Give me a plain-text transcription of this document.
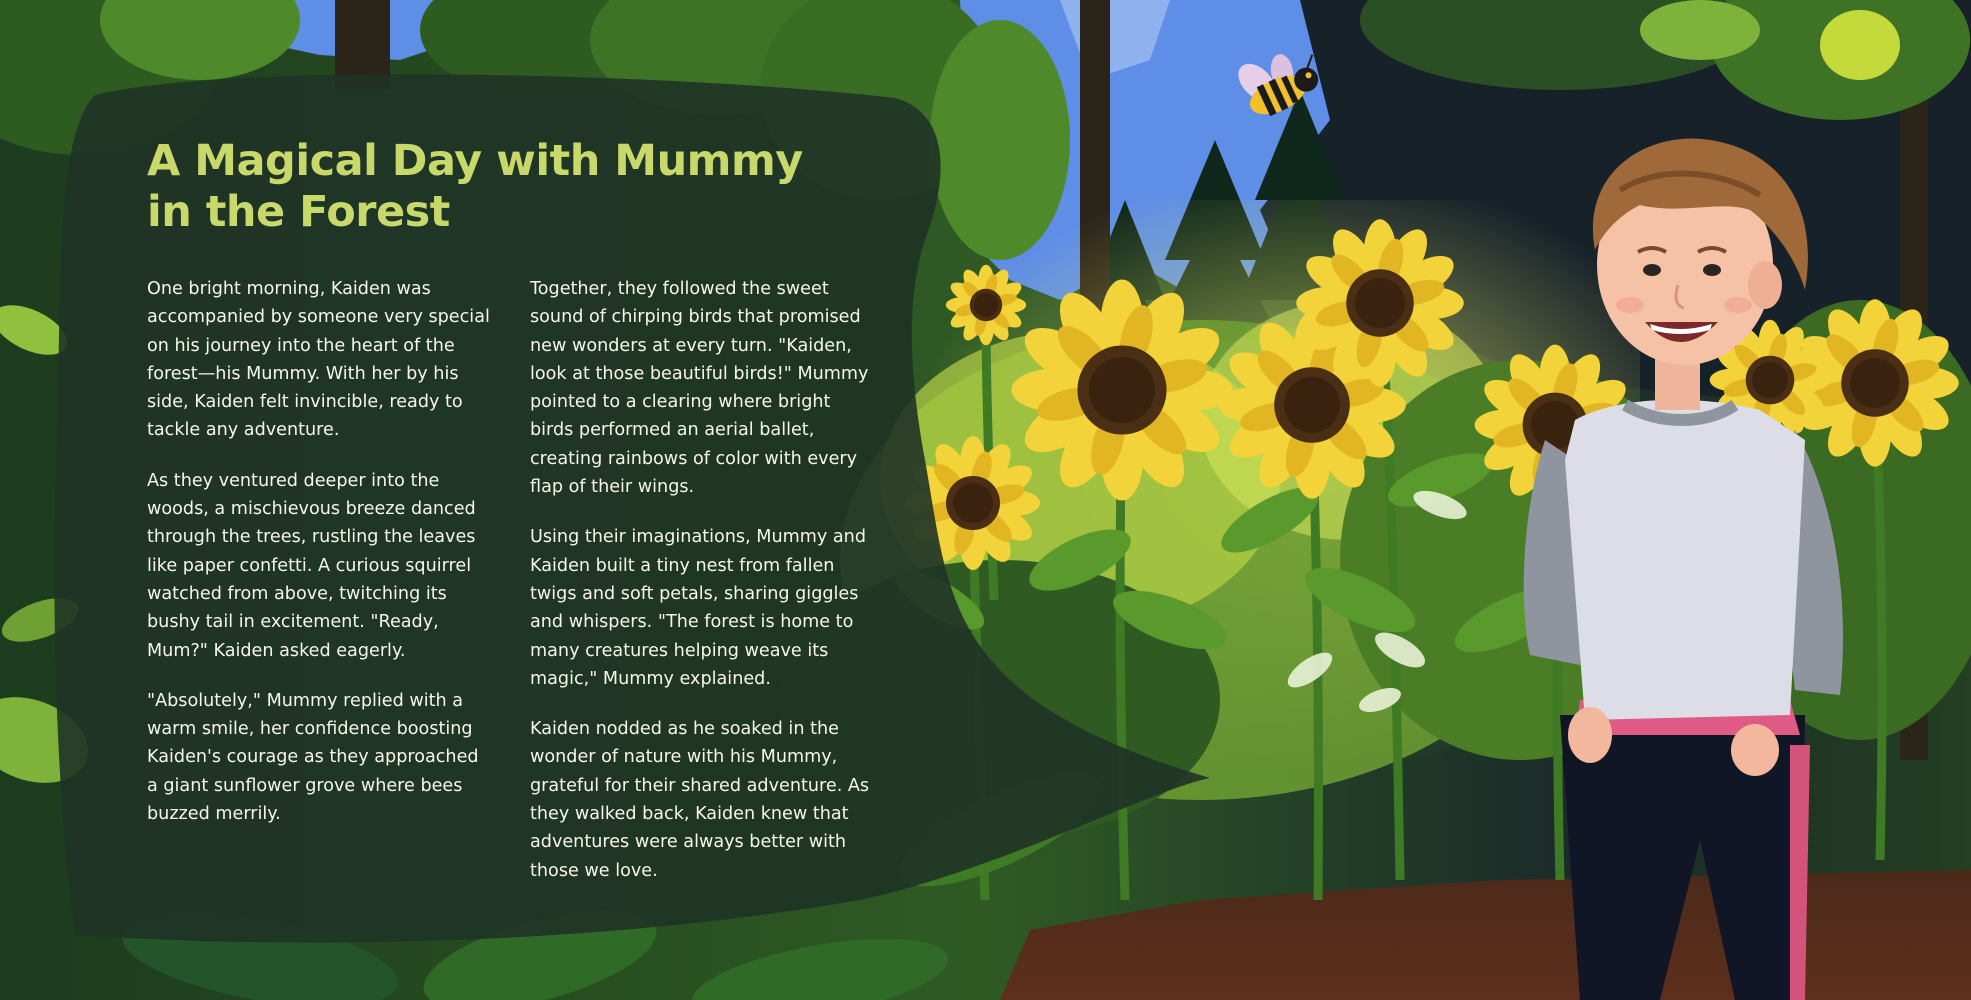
A Magical Day with Mummy in the Forest

One bright morning, Kaiden was accompanied by someone very special on his journey into the heart of the forest—his Mummy. With her by his side, Kaiden felt invincible, ready to tackle any adventure.

As they ventured deeper into the woods, a mischievous breeze danced through the trees, rustling the leaves like paper confetti. A curious squirrel watched from above, twitching its bushy tail in excitement. "Ready, Mum?" Kaiden asked eagerly.

"Absolutely," Mummy replied with a warm smile, her confidence boosting Kaiden's courage as they approached a giant sunflower grove where bees buzzed merrily.

Together, they followed the sweet sound of chirping birds that promised new wonders at every turn. "Kaiden, look at those beautiful birds!" Mummy pointed to a clearing where bright birds performed an aerial ballet, creating rainbows of color with every flap of their wings.

Using their imaginations, Mummy and Kaiden built a tiny nest from fallen twigs and soft petals, sharing giggles and whispers. "The forest is home to many creatures helping weave its magic," Mummy explained.

Kaiden nodded as he soaked in the wonder of nature with his Mummy, grateful for their shared adventure. As they walked back, Kaiden knew that adventures were always better with those we love.
